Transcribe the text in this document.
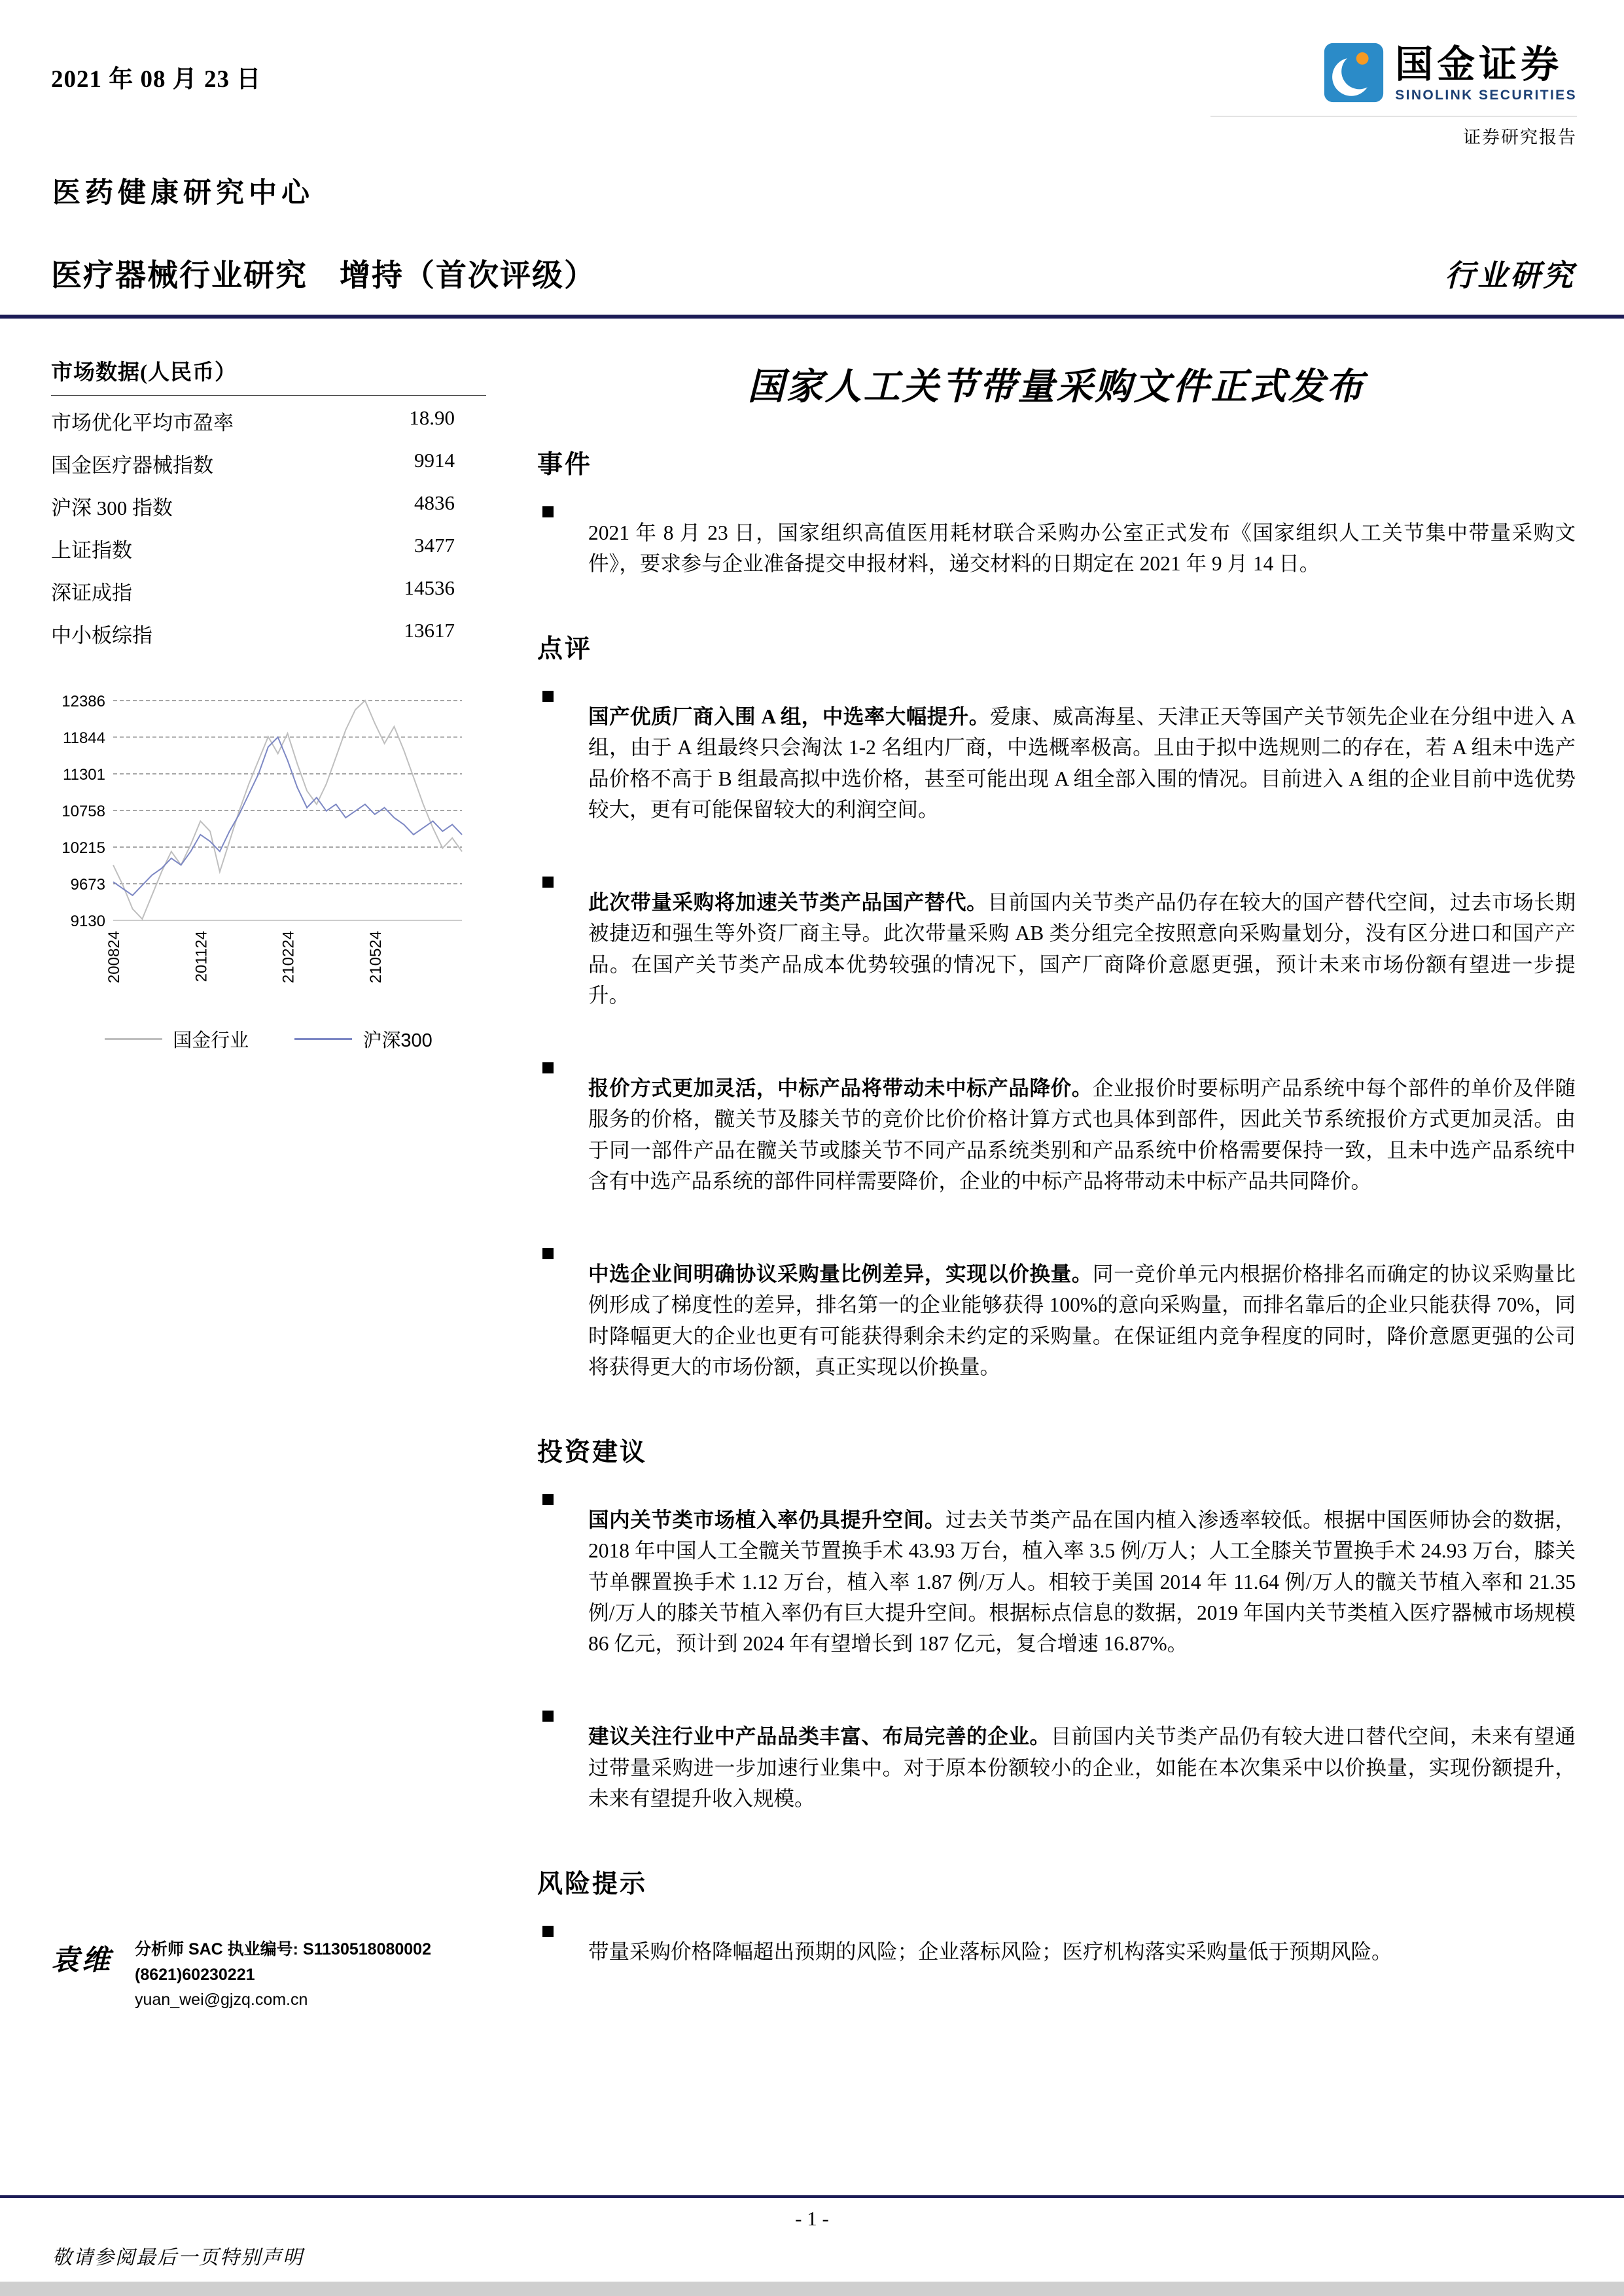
2021 年 08 月 23 日	国金证券
SINOLINK SECURITIES
证券研究报告
医药健康研究中心
医疗器械行业研究　增持（首次评级）	行业研究
市场数据(人民币）
市场优化平均市盈率	18.90
国金医疗器械指数	9914
沪深 300 指数	4836
上证指数	3477
深证成指	14536
中小板综指	13617
9130
9673
10215
10758
11301
11844
12386
200824	201124	210224	210524
国金行业	沪深300
袁维 分析师 SAC 执业编号: S1130518080002
(8621)60230221
yuan_wei@gjzq.com.cn
国家人工关节带量采购文件正式发布
事件

2021 年 8 月 23 日，国家组织高值医用耗材联合采购办公室正式发布《国家组织人工关节集中带量采购文件》，要求参与企业准备提交申报材料，递交材料的日期定在 2021 年 9 月 14 日。

点评

国产优质厂商入围 A 组，中选率大幅提升。爱康、威高海星、天津正天等国产关节领先企业在分组中进入 A 组，由于 A 组最终只会淘汰 1-2 名组内厂商，中选概率极高。且由于拟中选规则二的存在，若 A 组未中选产品价格不高于 B 组最高拟中选价格，甚至可能出现 A 组全部入围的情况。目前进入 A 组的企业目前中选优势较大，更有可能保留较大的利润空间。

此次带量采购将加速关节类产品国产替代。目前国内关节类产品仍存在较大的国产替代空间，过去市场长期被捷迈和强生等外资厂商主导。此次带量采购 AB 类分组完全按照意向采购量划分，没有区分进口和国产产品。在国产关节类产品成本优势较强的情况下，国产厂商降价意愿更强，预计未来市场份额有望进一步提升。

报价方式更加灵活，中标产品将带动未中标产品降价。企业报价时要标明产品系统中每个部件的单价及伴随服务的价格，髋关节及膝关节的竞价比价价格计算方式也具体到部件，因此关节系统报价方式更加灵活。由于同一部件产品在髋关节或膝关节不同产品系统类别和产品系统中价格需要保持一致，且未中选产品系统中含有中选产品系统的部件同样需要降价，企业的中标产品将带动未中标产品共同降价。

中选企业间明确协议采购量比例差异，实现以价换量。同一竞价单元内根据价格排名而确定的协议采购量比例形成了梯度性的差异，排名第一的企业能够获得 100%的意向采购量，而排名靠后的企业只能获得 70%，同时降幅更大的企业也更有可能获得剩余未约定的采购量。在保证组内竞争程度的同时，降价意愿更强的公司将获得更大的市场份额，真正实现以价换量。

投资建议

国内关节类市场植入率仍具提升空间。过去关节类产品在国内植入渗透率较低。根据中国医师协会的数据，2018 年中国人工全髋关节置换手术 43.93 万台，植入率 3.5 例/万人；人工全膝关节置换手术 24.93 万台，膝关节单髁置换手术 1.12 万台，植入率 1.87 例/万人。相较于美国 2014 年 11.64 例/万人的髋关节植入率和 21.35 例/万人的膝关节植入率仍有巨大提升空间。根据标点信息的数据，2019 年国内关节类植入医疗器械市场规模 86 亿元，预计到 2024 年有望增长到 187 亿元，复合增速 16.87%。

建议关注行业中产品品类丰富、布局完善的企业。目前国内关节类产品仍有较大进口替代空间，未来有望通过带量采购进一步加速行业集中。对于原本份额较小的企业，如能在本次集采中以价换量，实现份额提升，未来有望提升收入规模。

风险提示

带量采购价格降幅超出预期的风险；企业落标风险；医疗机构落实采购量低于预期风险。

- 1 -
敬请参阅最后一页特别声明
